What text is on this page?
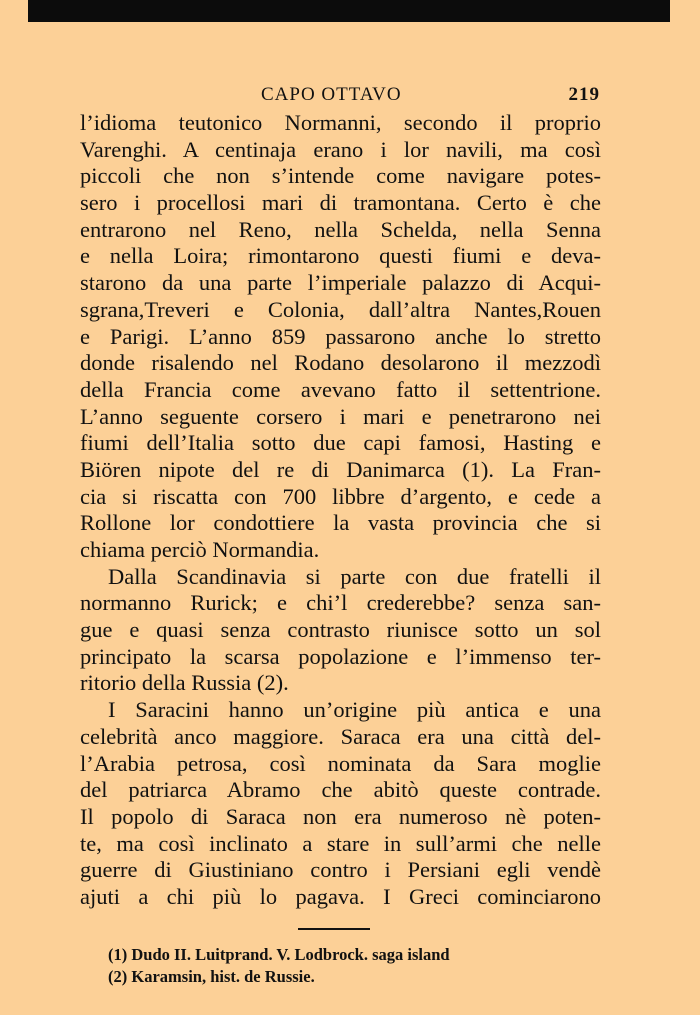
CAPO OTTAVO	219
l’idioma teutonico Normanni, secondo il proprio
Varenghi. A centinaja erano i lor navili, ma così
piccoli che non s’intende come navigare potes-
sero i procellosi mari di tramontana. Certo è che
entrarono nel Reno, nella Schelda, nella Senna
e nella Loira; rimontarono questi fiumi e deva-
starono da una parte l’imperiale palazzo di Acqui-
sgrana,Treveri e Colonia, dall’altra Nantes,Rouen
e Parigi. L’anno 859 passarono anche lo stretto
donde risalendo nel Rodano desolarono il mezzodì
della Francia come avevano fatto il settentrione.
L’anno seguente corsero i mari e penetrarono nei
fiumi dell’Italia sotto due capi famosi, Hasting e
Biören nipote del re di Danimarca (1). La Fran-
cia si riscatta con 700 libbre d’argento, e cede a
Rollone lor condottiere la vasta provincia che si
chiama perciò Normandia.
Dalla Scandinavia si parte con due fratelli il
normanno Rurick; e chi’l crederebbe? senza san-
gue e quasi senza contrasto riunisce sotto un sol
principato la scarsa popolazione e l’immenso ter-
ritorio della Russia (2).
I Saracini hanno un’origine più antica e una
celebrità anco maggiore. Saraca era una città del-
l’Arabia petrosa, così nominata da Sara moglie
del patriarca Abramo che abitò queste contrade.
Il popolo di Saraca non era numeroso nè poten-
te, ma così inclinato a stare in sull’armi che nelle
guerre di Giustiniano contro i Persiani egli vendè
ajuti a chi più lo pagava. I Greci cominciarono
(1) Dudo II. Luitprand. V. Lodbrock. saga island
(2) Karamsin, hist. de Russie.
